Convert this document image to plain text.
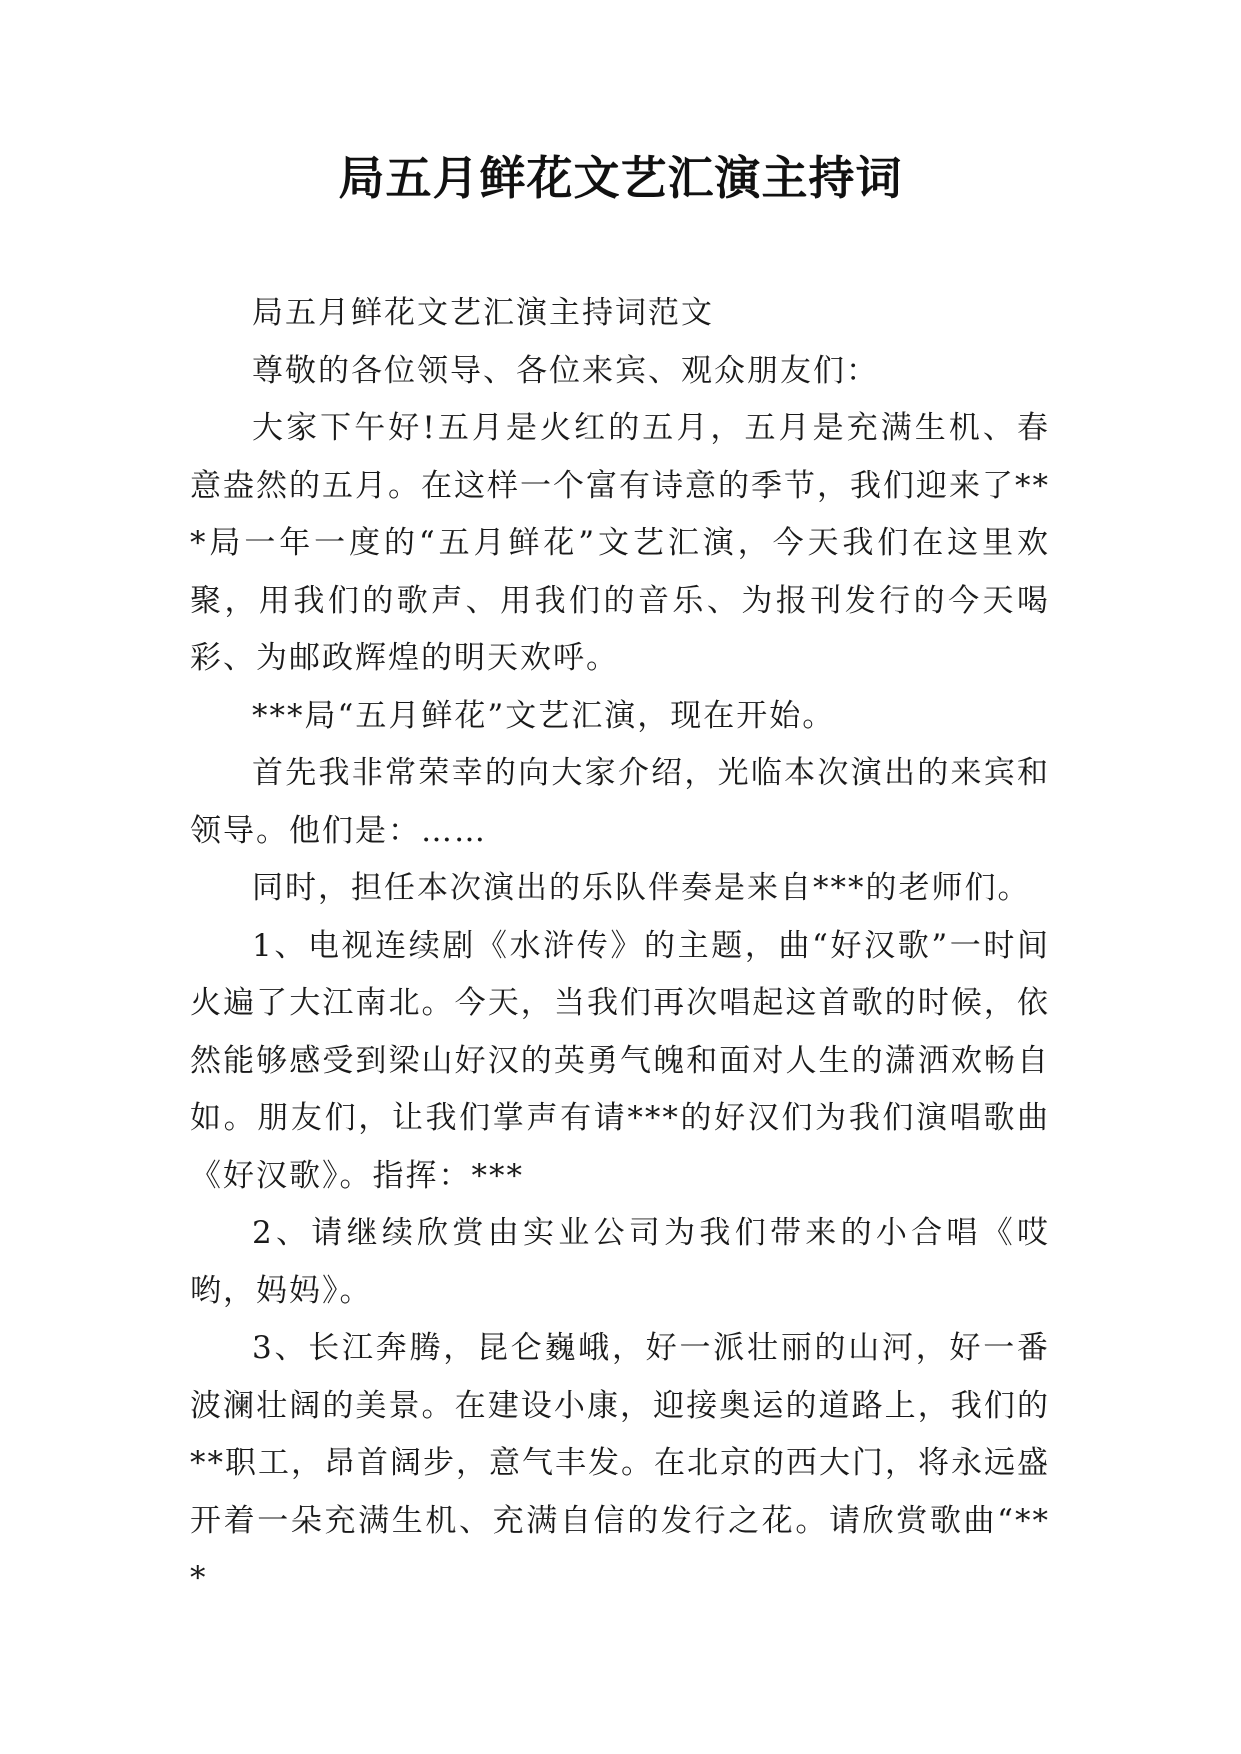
局五月鲜花文艺汇演主持词

局五月鲜花文艺汇演主持词范文

尊敬的各位领导、各位来宾、观众朋友们：

大家下午好!五月是火红的五月，五月是充满生机、春意盎然的五月。在这样一个富有诗意的季节，我们迎来了***局一年一度的“五月鲜花”文艺汇演，今天我们在这里欢聚，用我们的歌声、用我们的音乐、为报刊发行的今天喝彩、为邮政辉煌的明天欢呼。

***局“五月鲜花”文艺汇演，现在开始。

首先我非常荣幸的向大家介绍，光临本次演出的来宾和领导。他们是：……

同时，担任本次演出的乐队伴奏是来自***的老师们。

1、电视连续剧《水浒传》的主题，曲“好汉歌”一时间火遍了大江南北。今天，当我们再次唱起这首歌的时候，依然能够感受到梁山好汉的英勇气魄和面对人生的潇洒欢畅自如。朋友们，让我们掌声有请***的好汉们为我们演唱歌曲《好汉歌》。指挥：***

2、请继续欣赏由实业公司为我们带来的小合唱《哎哟，妈妈》。

3、长江奔腾，昆仑巍峨，好一派壮丽的山河，好一番波澜壮阔的美景。在建设小康，迎接奥运的道路上，我们的**职工，昂首阔步，意气丰发。在北京的西大门，将永远盛开着一朵充满生机、充满自信的发行之花。请欣赏歌曲“***
